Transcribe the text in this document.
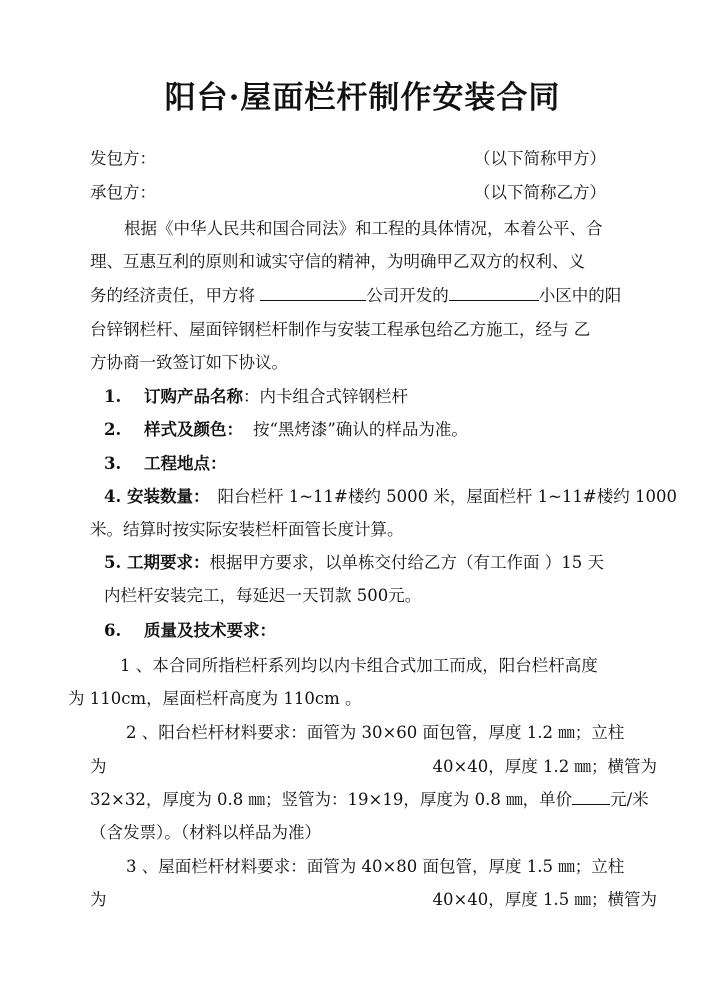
阳台·屋面栏杆制作安装合同
发包方：	（以下简称甲方）
承包方：	（以下简称乙方）
根据《中华人民共和国合同法》和工程的具体情况，本着公平、合
理、互惠互利的原则和诚实守信的精神，为明确甲乙双方的权利、义
务的经济责任，甲方将	公司开发的	小区中的阳
台锌钢栏杆、屋面锌钢栏杆制作与安装工程承包给乙方施工，经与 乙
方协商一致签订如下协议。
1. 订购产品名称：内卡组合式锌钢栏杆
2. 样式及颜色： 按“黑烤漆”确认的样品为准。
3. 工程地点：
4. 安装数量： 阳台栏杆 1~11#楼约 5000 米，屋面栏杆 1~11#楼约 1000
米。结算时按实际安装栏杆面管长度计算。
5. 工期要求：根据甲方要求，以单栋交付给乙方（有工作面 ）15 天
内栏杆安装完工，每延迟一天罚款 500元。
6. 质量及技术要求：
1 、本合同所指栏杆系列均以内卡组合式加工而成，阳台栏杆高度
为 110cm，屋面栏杆高度为 110cm 。
2 、阳台栏杆材料要求：面管为 30×60 面包管，厚度 1.2 ㎜；立柱
为	40×40，厚度 1.2 ㎜；横管为
32×32，厚度为 0.8 ㎜；竖管为：19×19，厚度为 0.8 ㎜，单价 元/米
（含发票）。（材料以样品为准）
3 、屋面栏杆材料要求：面管为 40×80 面包管，厚度 1.5 ㎜；立柱
为	40×40，厚度 1.5 ㎜；横管为
